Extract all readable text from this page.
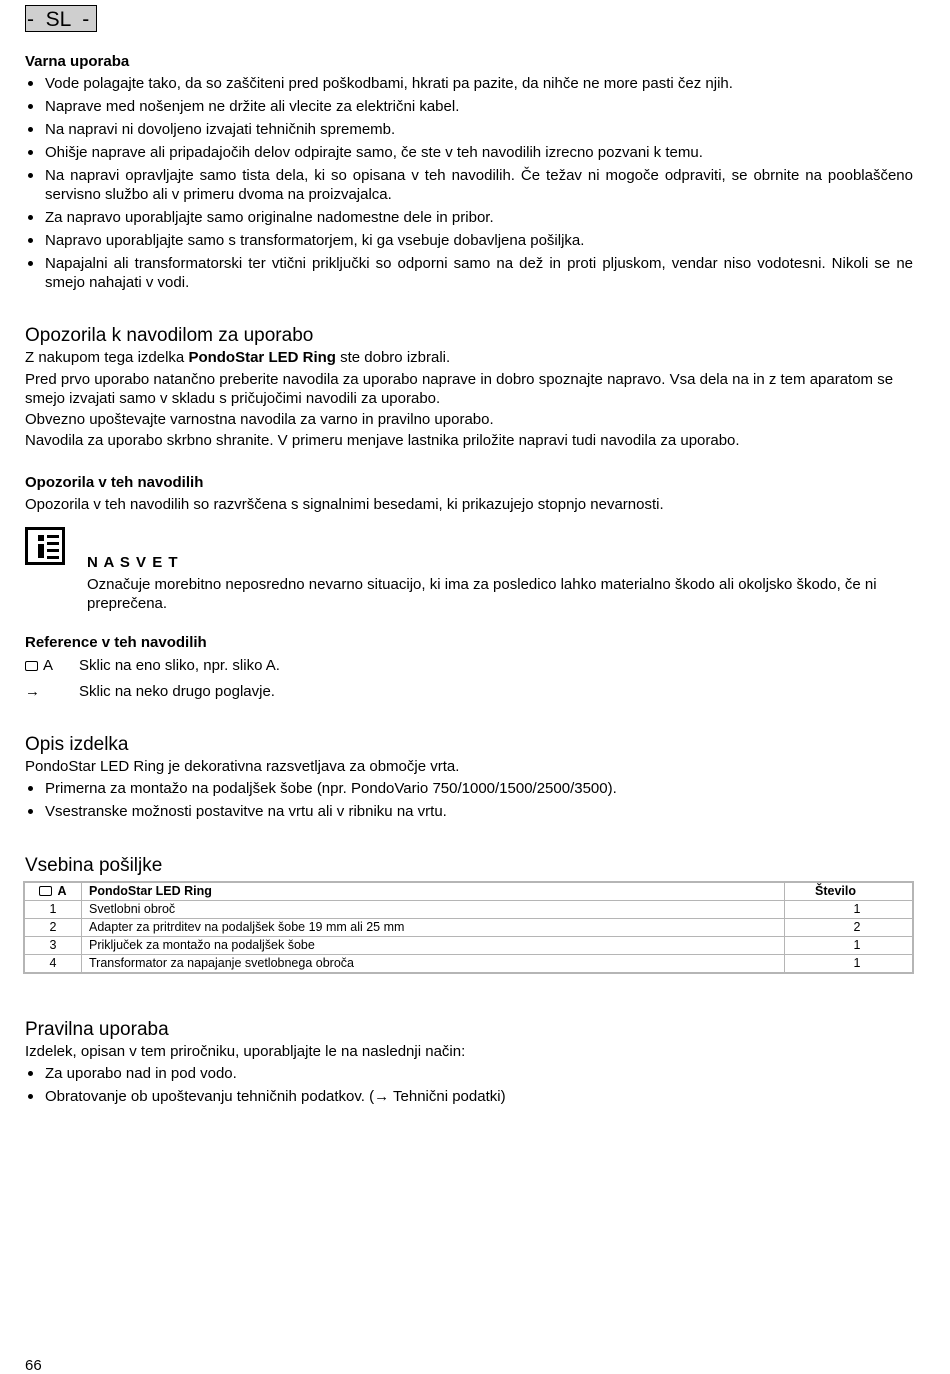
-  SL  -
Varna uporaba
Vode polagajte tako, da so zaščiteni pred poškodbami, hkrati pa pazite, da nihče ne more pasti čez njih.
Naprave med nošenjem ne držite ali vlecite za električni kabel.
Na napravi ni dovoljeno izvajati tehničnih sprememb.
Ohišje naprave ali pripadajočih delov odpirajte samo, če ste v teh navodilih izrecno pozvani k temu.
Na napravi opravljajte samo tista dela, ki so opisana v teh navodilih. Če težav ni mogoče odpraviti, se obrnite na pooblaščeno servisno službo ali v primeru dvoma na proizvajalca.
Za napravo uporabljajte samo originalne nadomestne dele in pribor.
Napravo uporabljajte samo s transformatorjem, ki ga vsebuje dobavljena pošiljka.
Napajalni ali transformatorski ter vtični priključki so odporni samo na dež in proti pljuskom, vendar niso vodotesni. Nikoli se ne smejo nahajati v vodi.
Opozorila k navodilom za uporabo

Z nakupom tega izdelka PondoStar LED Ring ste dobro izbrali.

Pred prvo uporabo natančno preberite navodila za uporabo naprave in dobro spoznajte napravo. Vsa dela na in z tem aparatom se smejo izvajati samo v skladu s pričujočimi navodili za uporabo.

Obvezno upoštevajte varnostna navodila za varno in pravilno uporabo.

Navodila za uporabo skrbno shranite. V primeru menjave lastnika priložite napravi tudi navodila za uporabo.

Opozorila v teh navodilih

Opozorila v teh navodilih so razvrščena s signalnimi besedami, ki prikazujejo stopnjo nevarnosti.

N A S V E T

Označuje morebitno neposredno nevarno situacijo, ki ima za posledico lahko materialno škodo ali okoljsko škodo, če ni preprečena.

Reference v teh navodilih
A	Sklic na eno sliko, npr. sliko A.
→	Sklic na neko drugo poglavje.
Opis izdelka

PondoStar LED Ring je dekorativna razsvetljava za območje vrta.

Primerna za montažo na podaljšek šobe (npr. PondoVario 750/1000/1500/2500/3500).
Vsestranske možnosti postavitve na vrtu ali v ribniku na vrtu.
Vsebina pošiljke
A	PondoStar LED Ring	Število
1	Svetlobni obroč	1
2	Adapter za pritrditev na podaljšek šobe 19 mm ali 25 mm	2
3	Priključek za montažo na podaljšek šobe	1
4	Transformator za napajanje svetlobnega obroča	1
Pravilna uporaba

Izdelek, opisan v tem priročniku, uporabljajte le na naslednji način:

Za uporabo nad in pod vodo.
Obratovanje ob upoštevanju tehničnih podatkov. (→ Tehnični podatki)
66
